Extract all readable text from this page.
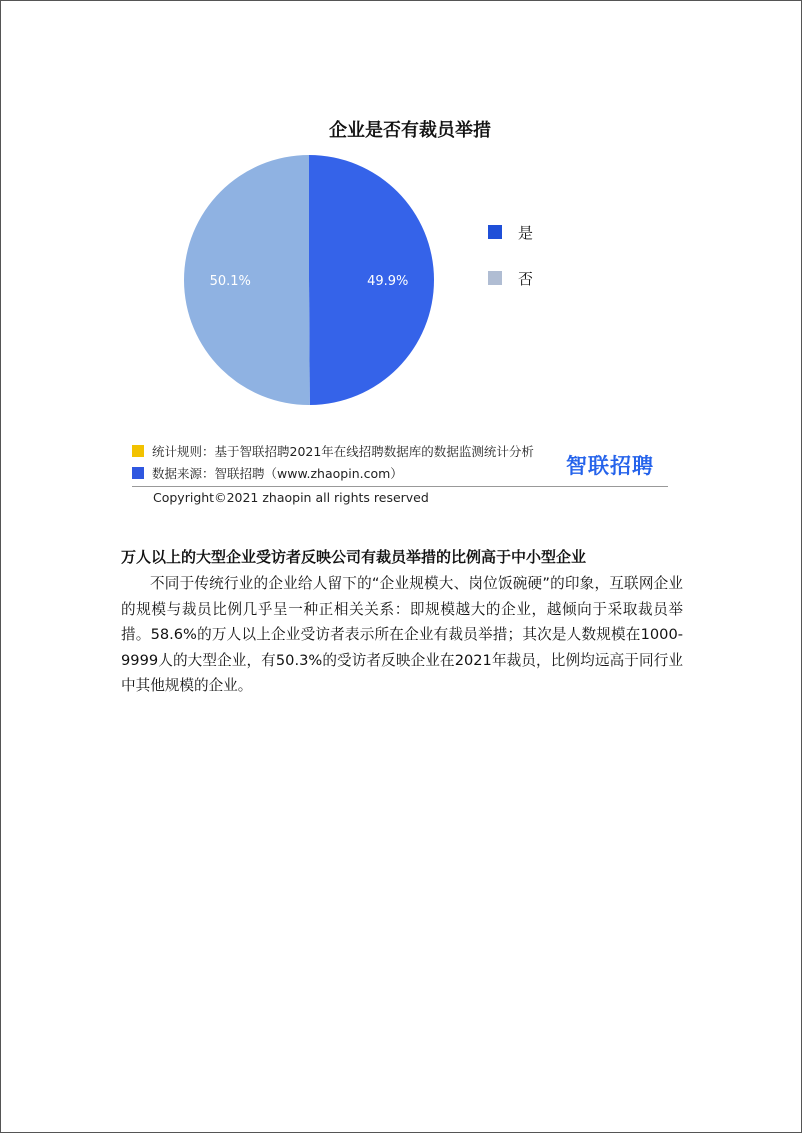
企业是否有裁员举措
49.9%
50.1%
是
否
统计规则：基于智联招聘2021年在线招聘数据库的数据监测统计分析
数据来源：智联招聘（www.zhaopin.com）	智联招聘
Copyright©2021 zhaopin all rights reserved
万人以上的大型企业受访者反映公司有裁员举措的比例高于中小型企业
不同于传统行业的企业给人留下的“企业规模大、岗位饭碗硬”的印象，互联网企业的规模与裁员比例几乎呈一种正相关关系：即规模越大的企业，越倾向于采取裁员举措。58.6%的万人以上企业受访者表示所在企业有裁员举措；其次是人数规模在1000-9999人的大型企业，有50.3%的受访者反映企业在2021年裁员，比例均远高于同行业中其他规模的企业。
